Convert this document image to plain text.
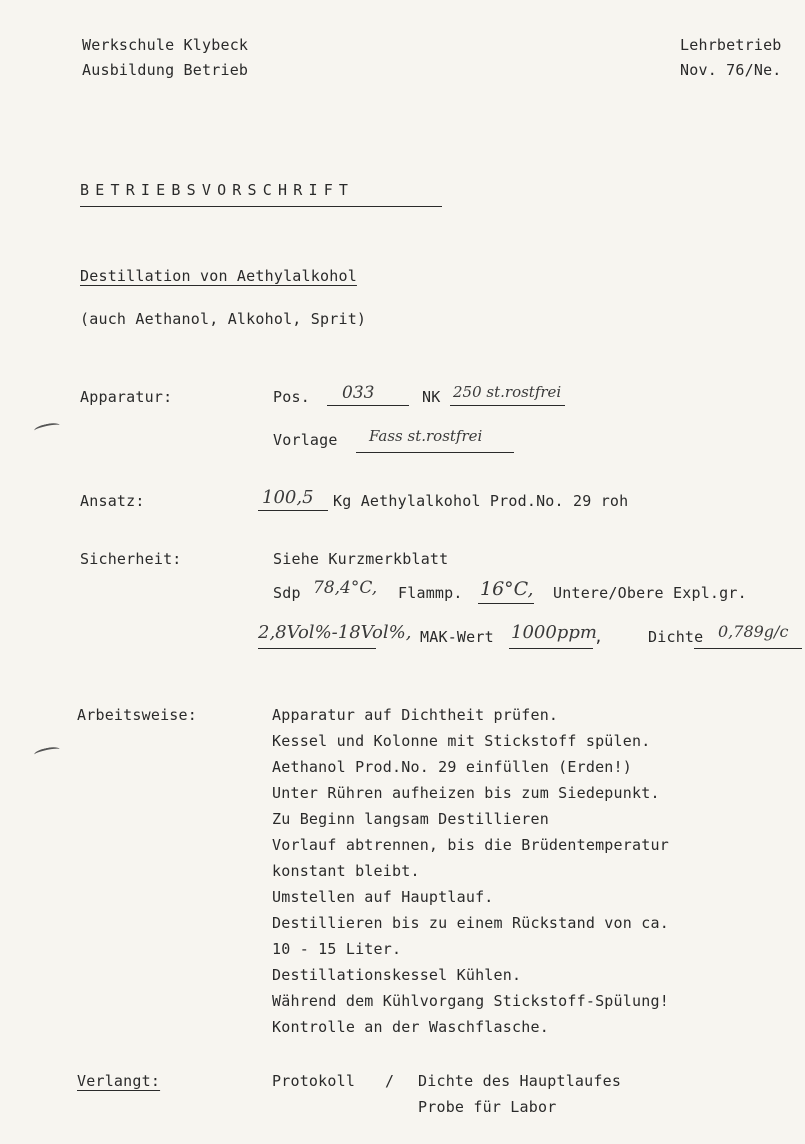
Werkschule Klybeck
Ausbildung Betrieb
Lehrbetrieb
Nov. 76/Ne.
BETRIEBSVORSCHRIFT
Destillation von Aethylalkohol
(auch Aethanol, Alkohol, Sprit)
Apparatur:	Pos. 033	NK 250 st.rostfrei
Vorlage Fass st.rostfrei
Ansatz:	100,5 Kg Aethylalkohol Prod.No. 29 roh
Sicherheit:	Siehe Kurzmerkblatt
Sdp 78,4°C, Flammp. 16°C, Untere/Obere Expl.gr.
2,8Vol%-18Vol%, MAK-Wert 1000ppm
,	Dichte 0,789g/c
Arbeitsweise:	Apparatur auf Dichtheit prüfen.
Kessel und Kolonne mit Stickstoff spülen.
Aethanol Prod.No. 29 einfüllen (Erden!)
Unter Rühren aufheizen bis zum Siedepunkt.
Zu Beginn langsam Destillieren
Vorlauf abtrennen, bis die Brüdentemperatur
konstant bleibt.
Umstellen auf Hauptlauf.
Destillieren bis zu einem Rückstand von ca.
10 - 15 Liter.
Destillationskessel Kühlen.
Während dem Kühlvorgang Stickstoff-Spülung!
Kontrolle an der Waschflasche.
Verlangt:	Protokoll / Dichte des Hauptlaufes
Probe für Labor
